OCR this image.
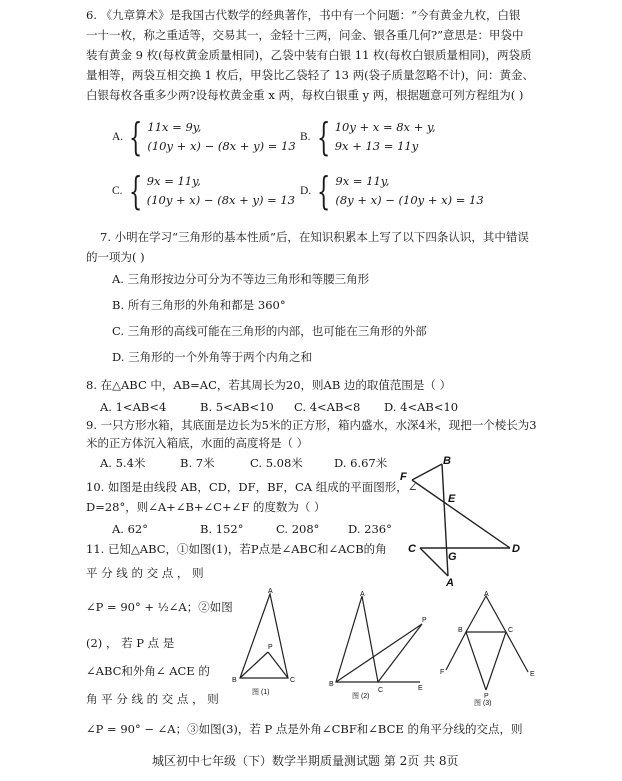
6. 《九章算术》是我国古代数学的经典著作，书中有一个问题：“今有黄金九枚，白银
一十一枚，称之重适等，交易其一，金轻十三两，问金、银各重几何?”意思是：甲袋中
装有黄金 9 枚(每枚黄金质量相同)，乙袋中装有白银 11 枚(每枚白银质量相同)，两袋质
量相等，两袋互相交换 1 枚后，甲袋比乙袋轻了 13 两(袋子质量忽略不计)，问：黄金、
白银每枚各重多少两?设每枚黄金重 x 两，每枚白银重 y 两，根据题意可列方程组为( )
A. { 11x = 9y,
(10y + x) − (8x + y) = 13
B. { 10y + x = 8x + y,
9x + 13 = 11y
C. { 9x = 11y,
(10y + x) − (8x + y) = 13
D. { 9x = 11y,
(8y + x) − (10y + x) = 13
7. 小明在学习“三角形的基本性质”后，在知识积累本上写了以下四条认识，其中错误
的一项为( )
A. 三角形按边分可分为不等边三角形和等腰三角形
B. 所有三角形的外角和都是 360°
C. 三角形的高线可能在三角形的内部，也可能在三角形的外部
D. 三角形的一个外角等于两个内角之和
8. 在△ABC 中，AB=AC，若其周长为20，则AB 边的取值范围是（ ）
A. 1<AB<4	B. 5<AB<10 C. 4<AB<8 D. 4<AB<10
9. 一只方形水箱，其底面是边长为5米的正方形，箱内盛水，水深4米，现把一个棱长为3
米的正方体沉入箱底，水面的高度将是（ ）
A. 5.4米	B. 7米	C. 5.08米	D. 6.67米
10. 如图是由线段 AB，CD，DF，BF，CA 组成的平面图形，∠
D=28°，则∠A+∠B+∠C+∠F 的度数为（ ）
A. 62°	B. 152°	C. 208° D. 236°
B
F
E
C
G
D
A
11. 已知△ABC，①如图(1)，若P点是∠ABC和∠ACB的角
平 分 线 的 交 点 ， 则
∠P = 90° + ½∠A；②如图
(2) ， 若 P 点 是
∠ABC和外角∠ ACE 的
角 平 分 线 的 交 点 ， 则
∠P = 90° − ∠A；③如图(3)，若 P 点是外角∠CBF和∠BCE 的角平分线的交点，则
A
P
B	C
图 (1)
A
P
B
C	E
图 (2)
A
B	C
F	E
P
图 (3)
城区初中七年级（下）数学半期质量测试题 第 2页 共 8页
